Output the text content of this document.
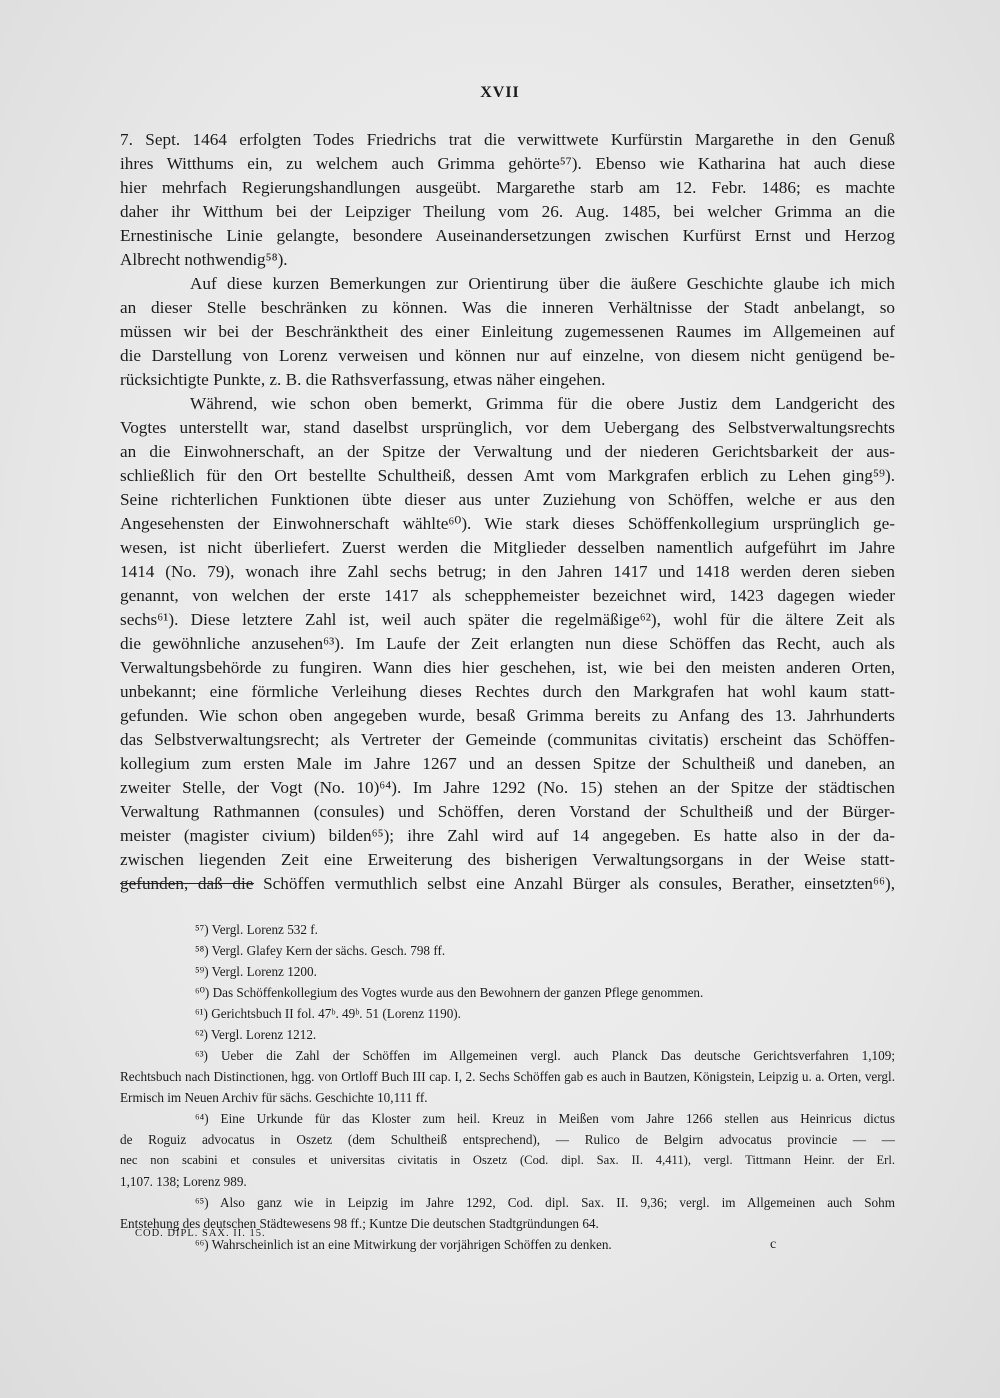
XVII
7. Sept. 1464 erfolgten Todes Friedrichs trat die verwittwete Kurfürstin Margarethe in den Genuß
ihres Witthums ein, zu welchem auch Grimma gehörte⁵⁷). Ebenso wie Katharina hat auch diese
hier mehrfach Regierungshandlungen ausgeübt. Margarethe starb am 12. Febr. 1486; es machte
daher ihr Witthum bei der Leipziger Theilung vom 26. Aug. 1485, bei welcher Grimma an die
Ernestinische Linie gelangte, besondere Auseinandersetzungen zwischen Kurfürst Ernst und Herzog
Albrecht nothwendig⁵⁸).
Auf diese kurzen Bemerkungen zur Orientirung über die äußere Geschichte glaube ich mich
an dieser Stelle beschränken zu können. Was die inneren Verhältnisse der Stadt anbelangt, so
müssen wir bei der Beschränktheit des einer Einleitung zugemessenen Raumes im Allgemeinen auf
die Darstellung von Lorenz verweisen und können nur auf einzelne, von diesem nicht genügend be-
rücksichtigte Punkte, z. B. die Rathsverfassung, etwas näher eingehen.
Während, wie schon oben bemerkt, Grimma für die obere Justiz dem Landgericht des
Vogtes unterstellt war, stand daselbst ursprünglich, vor dem Uebergang des Selbstverwaltungsrechts
an die Einwohnerschaft, an der Spitze der Verwaltung und der niederen Gerichtsbarkeit der aus-
schließlich für den Ort bestellte Schultheiß, dessen Amt vom Markgrafen erblich zu Lehen ging⁵⁹).
Seine richterlichen Funktionen übte dieser aus unter Zuziehung von Schöffen, welche er aus den
Angesehensten der Einwohnerschaft wählte⁶⁰). Wie stark dieses Schöffenkollegium ursprünglich ge-
wesen, ist nicht überliefert. Zuerst werden die Mitglieder desselben namentlich aufgeführt im Jahre
1414 (No. 79), wonach ihre Zahl sechs betrug; in den Jahren 1417 und 1418 werden deren sieben
genannt, von welchen der erste 1417 als schepphemeister bezeichnet wird, 1423 dagegen wieder
sechs⁶¹). Diese letztere Zahl ist, weil auch später die regelmäßige⁶²), wohl für die ältere Zeit als
die gewöhnliche anzusehen⁶³). Im Laufe der Zeit erlangten nun diese Schöffen das Recht, auch als
Verwaltungsbehörde zu fungiren. Wann dies hier geschehen, ist, wie bei den meisten anderen Orten,
unbekannt; eine förmliche Verleihung dieses Rechtes durch den Markgrafen hat wohl kaum statt-
gefunden. Wie schon oben angegeben wurde, besaß Grimma bereits zu Anfang des 13. Jahrhunderts
das Selbstverwaltungsrecht; als Vertreter der Gemeinde (communitas civitatis) erscheint das Schöffen-
kollegium zum ersten Male im Jahre 1267 und an dessen Spitze der Schultheiß und daneben, an
zweiter Stelle, der Vogt (No. 10)⁶⁴). Im Jahre 1292 (No. 15) stehen an der Spitze der städtischen
Verwaltung Rathmannen (consules) und Schöffen, deren Vorstand der Schultheiß und der Bürger-
meister (magister civium) bilden⁶⁵); ihre Zahl wird auf 14 angegeben. Es hatte also in der da-
zwischen liegenden Zeit eine Erweiterung des bisherigen Verwaltungsorgans in der Weise statt-
gefunden, daß die Schöffen vermuthlich selbst eine Anzahl Bürger als consules, Berather, einsetzten⁶⁶),
⁵⁷) Vergl. Lorenz 532 f.
⁵⁸) Vergl. Glafey Kern der sächs. Gesch. 798 ff.
⁵⁹) Vergl. Lorenz 1200.
⁶⁰) Das Schöffenkollegium des Vogtes wurde aus den Bewohnern der ganzen Pflege genommen.
⁶¹) Gerichtsbuch II fol. 47ᵇ. 49ᵇ. 51 (Lorenz 1190).
⁶²) Vergl. Lorenz 1212.
⁶³) Ueber die Zahl der Schöffen im Allgemeinen vergl. auch Planck Das deutsche Gerichtsverfahren 1,109;
Rechtsbuch nach Distinctionen, hgg. von Ortloff Buch III cap. I, 2. Sechs Schöffen gab es auch in Bautzen, Königstein, Leipzig u. a. Orten, vergl. Ermisch im Neuen Archiv für sächs. Geschichte 10,111 ff.
⁶⁴) Eine Urkunde für das Kloster zum heil. Kreuz in Meißen vom Jahre 1266 stellen aus Heinricus dictus
de Roguiz advocatus in Oszetz (dem Schultheiß entsprechend), — Rulico de Belgirn advocatus provincie — —
nec non scabini et consules et universitas civitatis in Oszetz (Cod. dipl. Sax. II. 4,411), vergl. Tittmann Heinr. der Erl.
1,107. 138; Lorenz 989.
⁶⁵) Also ganz wie in Leipzig im Jahre 1292, Cod. dipl. Sax. II. 9,36; vergl. im Allgemeinen auch Sohm
Entstehung des deutschen Städtewesens 98 ff.; Kuntze Die deutschen Stadtgründungen 64.
⁶⁶) Wahrscheinlich ist an eine Mitwirkung der vorjährigen Schöffen zu denken.
COD. DIPL. SAX. II. 15.
c
